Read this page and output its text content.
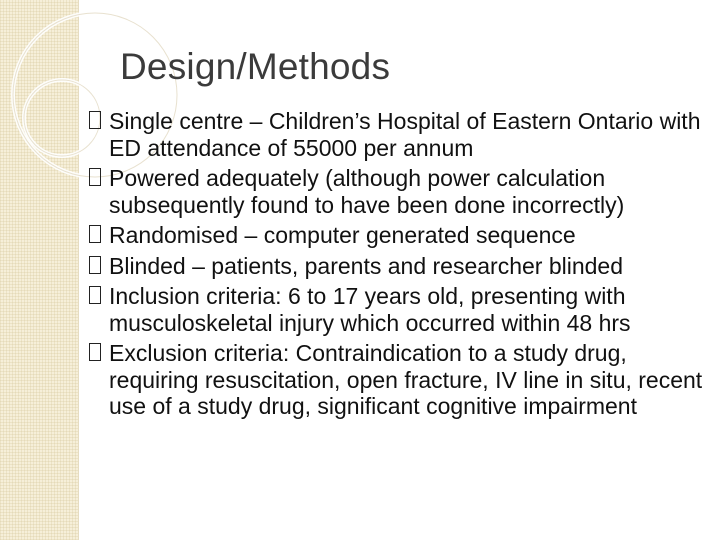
Design/Methods
Single centre – Children’s Hospital of Eastern Ontario with ED attendance of 55000 per annum
Powered adequately (although power calculation subsequently found to have been done incorrectly)
Randomised – computer generated sequence
Blinded – patients, parents and researcher blinded
Inclusion criteria: 6 to 17 years old, presenting with musculoskeletal injury which occurred within 48 hrs
Exclusion criteria: Contraindication to a study drug, requiring resuscitation, open fracture, IV line in situ, recent use of a study drug, significant cognitive impairment
